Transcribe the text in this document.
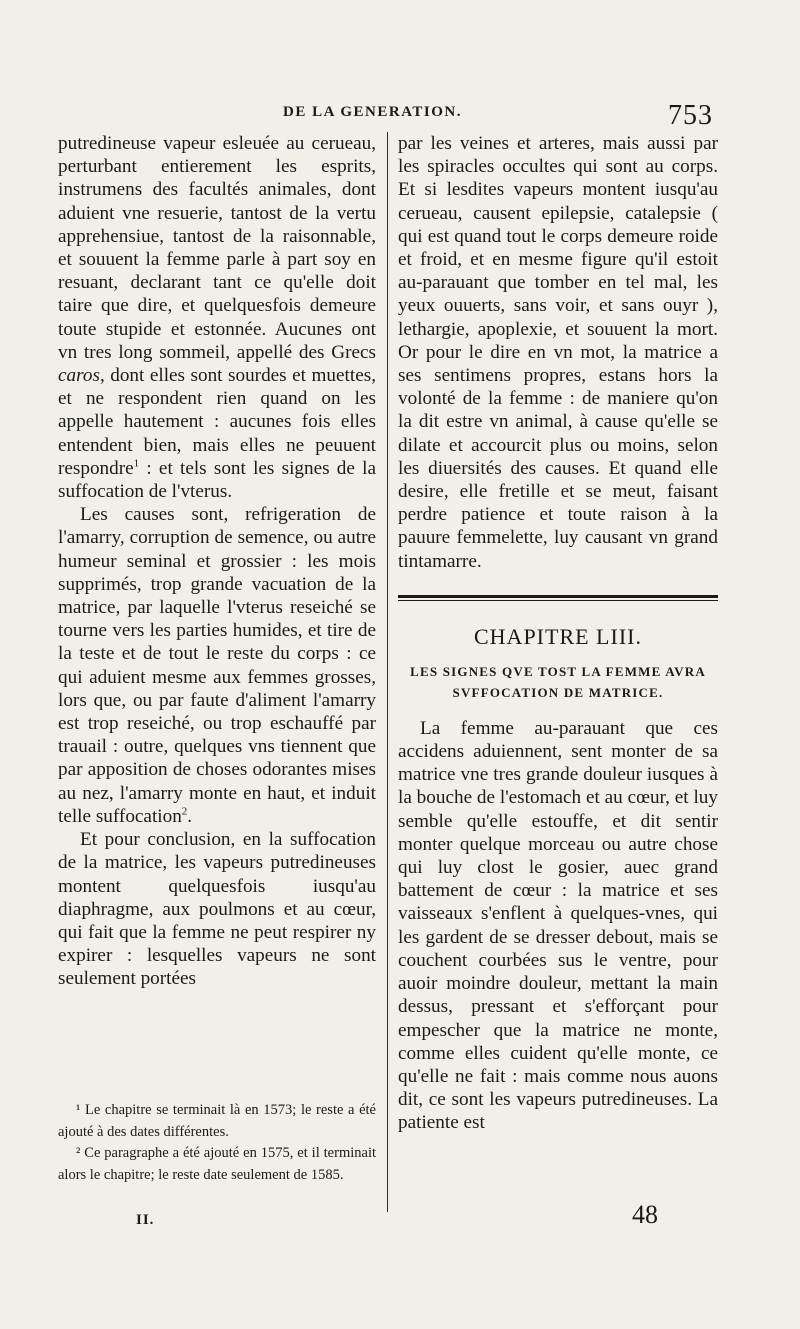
DE LA GENERATION.	753

putredineuse vapeur esleuée au cerueau, perturbant entierement les esprits, instrumens des facultés animales, dont aduient vne resuerie, tantost de la vertu apprehensiue, tantost de la raisonnable, et souuent la femme parle à part soy en resuant, declarant tant ce qu'elle doit taire que dire, et quelquesfois demeure toute stupide et estonnée. Aucunes ont vn tres long sommeil, appellé des Grecs caros, dont elles sont sourdes et muettes, et ne respondent rien quand on les appelle hautement : aucunes fois elles entendent bien, mais elles ne peuuent respondre$^1$ : et tels sont les signes de la suffocation de l'vterus.

Les causes sont, refrigeration de l'amarry, corruption de semence, ou autre humeur seminal et grossier : les mois supprimés, trop grande vacuation de la matrice, par laquelle l'vterus reseiché se tourne vers les parties humides, et tire de la teste et de tout le reste du corps : ce qui aduient mesme aux femmes grosses, lors que, ou par faute d'aliment l'amarry est trop reseiché, ou trop eschauffé par trauail : outre, quelques vns tiennent que par apposition de choses odorantes mises au nez, l'amarry monte en haut, et induit telle suffocation$^2$.

Et pour conclusion, en la suffocation de la matrice, les vapeurs putredineuses montent quelquesfois iusqu'au diaphragme, aux poulmons et au cœur, qui fait que la femme ne peut respirer ny expirer : lesquelles vapeurs ne sont seulement portées

par les veines et arteres, mais aussi par les spiracles occultes qui sont au corps. Et si lesdites vapeurs montent iusqu'au cerueau, causent epilepsie, catalepsie ( qui est quand tout le corps demeure roide et froid, et en mesme figure qu'il estoit au-parauant que tomber en tel mal, les yeux ouuerts, sans voir, et sans ouyr ), lethargie, apoplexie, et souuent la mort. Or pour le dire en vn mot, la matrice a ses sentimens propres, estans hors la volonté de la femme : de maniere qu'on la dit estre vn animal, à cause qu'elle se dilate et accourcit plus ou moins, selon les diuersités des causes. Et quand elle desire, elle fretille et se meut, faisant perdre patience et toute raison à la pauure femmelette, luy causant vn grand tintamarre.

CHAPITRE LIII.
LES SIGNES QVE TOST LA FEMME AVRA SVFFOCATION DE MATRICE.

La femme au-parauant que ces accidens aduiennent, sent monter de sa matrice vne tres grande douleur iusques à la bouche de l'estomach et au cœur, et luy semble qu'elle estouffe, et dit sentir monter quelque morceau ou autre chose qui luy clost le gosier, auec grand battement de cœur : la matrice et ses vaisseaux s'enflent à quelques-vnes, qui les gardent de se dresser debout, mais se couchent courbées sus le ventre, pour auoir moindre douleur, mettant la main dessus, pressant et s'efforçant pour empescher que la matrice ne monte, comme elles cuident qu'elle monte, ce qu'elle ne fait : mais comme nous auons dit, ce sont les vapeurs putredineuses. La patiente est

¹ Le chapitre se terminait là en 1573; le reste a été ajouté à des dates différentes.

² Ce paragraphe a été ajouté en 1575, et il terminait alors le chapitre; le reste date seulement de 1585.

II.	48
